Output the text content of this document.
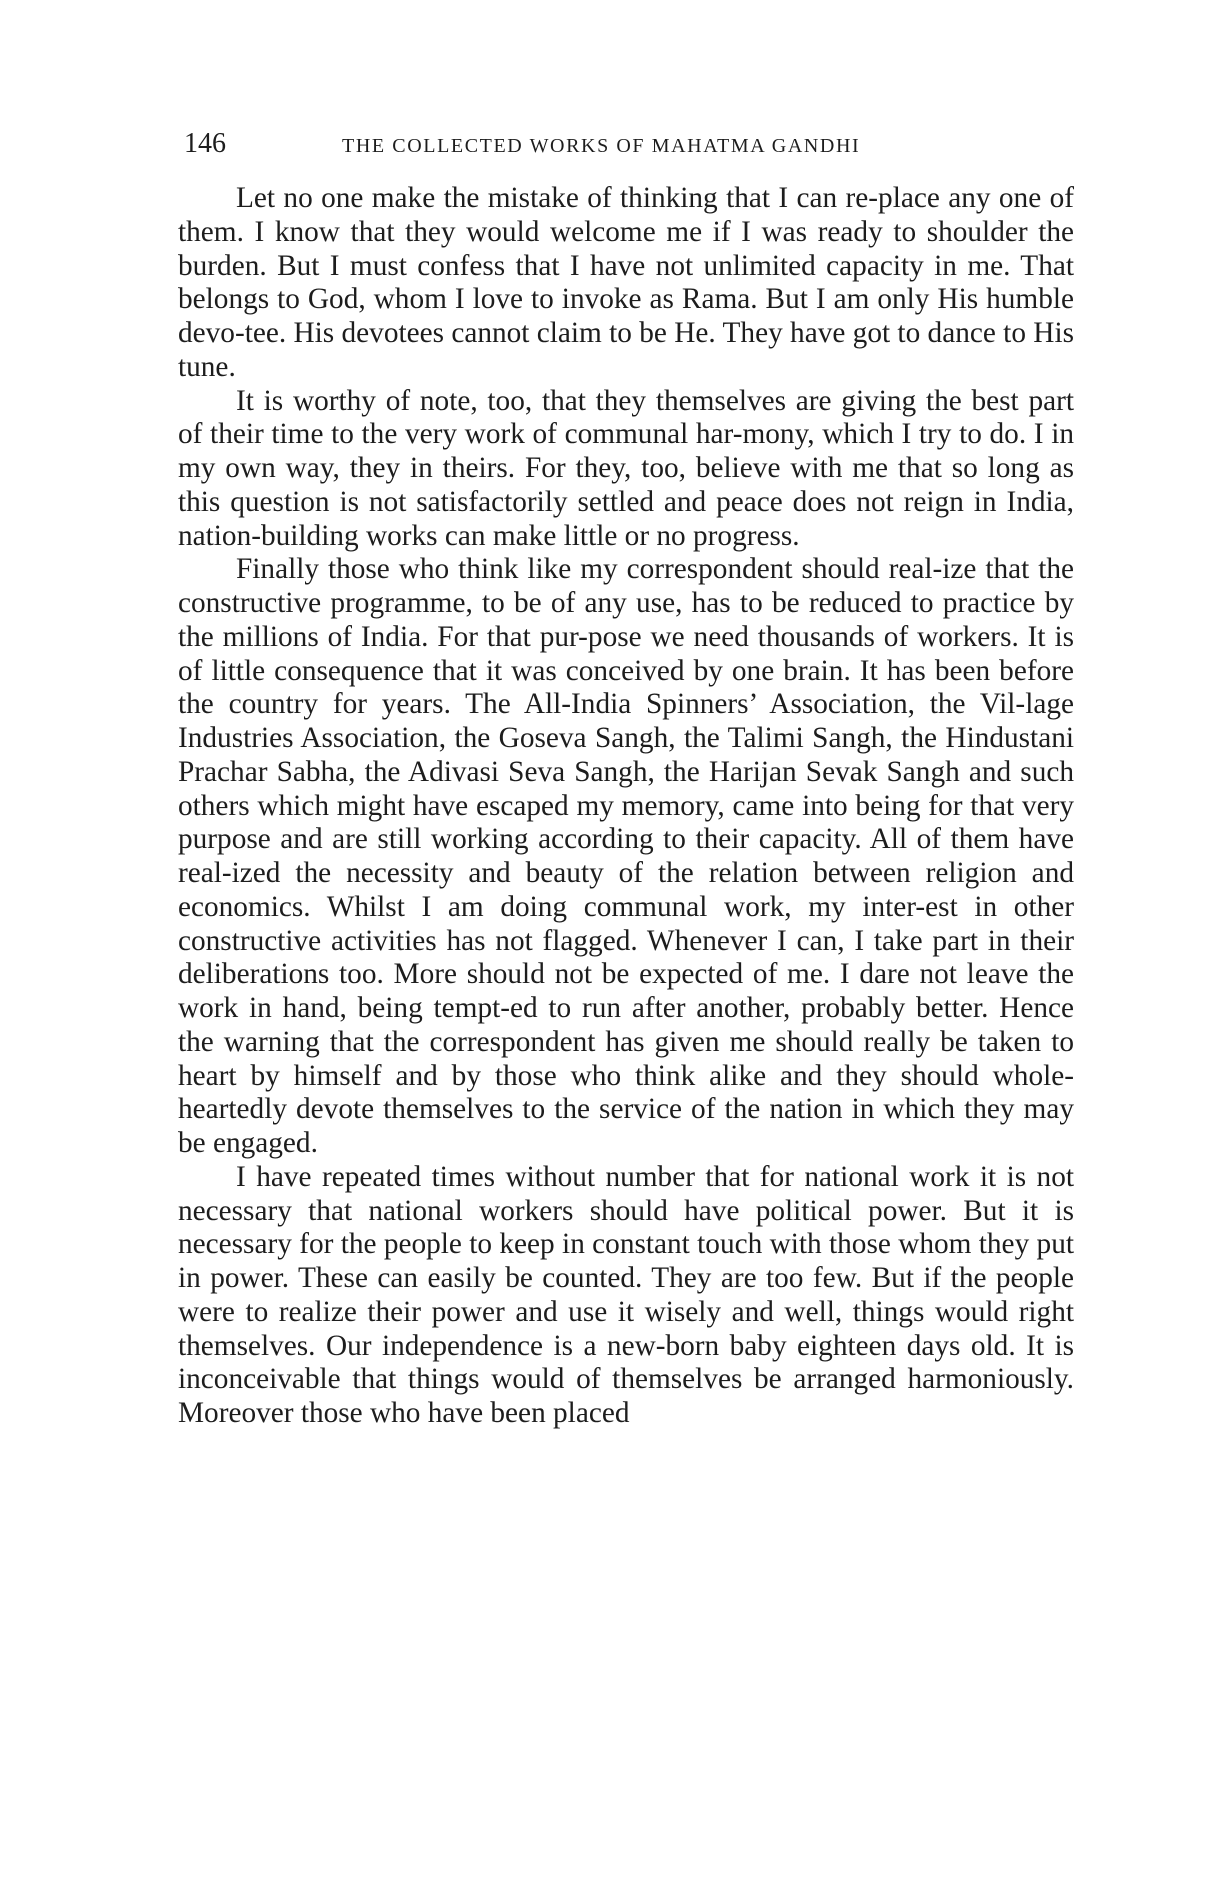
146	THE COLLECTED WORKS OF MAHATMA GANDHI

Let no one make the mistake of thinking that I can re-place any one of them. I know that they would welcome me if I was ready to shoulder the burden. But I must confess that I have not unlimited capacity in me. That belongs to God, whom I love to invoke as Rama. But I am only His humble devo-tee. His devotees cannot claim to be He. They have got to dance to His tune.

It is worthy of note, too, that they themselves are giving the best part of their time to the very work of communal har-mony, which I try to do. I in my own way, they in theirs. For they, too, believe with me that so long as this question is not satisfactorily settled and peace does not reign in India, nation-building works can make little or no progress.

Finally those who think like my correspondent should real-ize that the constructive programme, to be of any use, has to be reduced to practice by the millions of India. For that pur-pose we need thousands of workers. It is of little consequence that it was conceived by one brain. It has been before the country for years. The All-India Spinners’ Association, the Vil-lage Industries Association, the Goseva Sangh, the Talimi Sangh, the Hindustani Prachar Sabha, the Adivasi Seva Sangh, the Harijan Sevak Sangh and such others which might have escaped my memory, came into being for that very purpose and are still working according to their capacity. All of them have real-ized the necessity and beauty of the relation between religion and economics. Whilst I am doing communal work, my inter-est in other constructive activities has not flagged. Whenever I can, I take part in their deliberations too. More should not be expected of me. I dare not leave the work in hand, being tempt-ed to run after another, probably better. Hence the warning that the correspondent has given me should really be taken to heart by himself and by those who think alike and they should whole-heartedly devote themselves to the service of the nation in which they may be engaged.

I have repeated times without number that for national work it is not necessary that national workers should have political power. But it is necessary for the people to keep in constant touch with those whom they put in power. These can easily be counted. They are too few. But if the people were to realize their power and use it wisely and well, things would right themselves. Our independence is a new-born baby eighteen days old. It is inconceivable that things would of themselves be arranged harmoniously. Moreover those who have been placed
